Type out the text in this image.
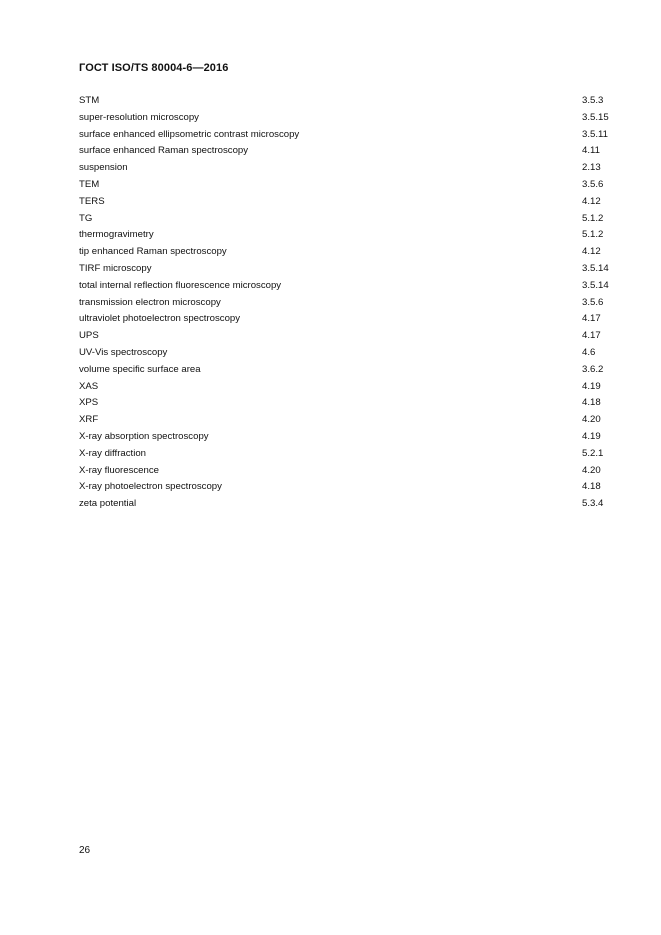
ГОСТ ISO/TS 80004-6—2016
STM	3.5.3
super-resolution microscopy	3.5.15
surface enhanced ellipsometric contrast microscopy	3.5.11
surface enhanced Raman spectroscopy	4.11
suspension	2.13
TEM	3.5.6
TERS	4.12
TG	5.1.2
thermogravimetry	5.1.2
tip enhanced Raman spectroscopy	4.12
TIRF microscopy	3.5.14
total internal reflection fluorescence microscopy	3.5.14
transmission electron microscopy	3.5.6
ultraviolet photoelectron spectroscopy	4.17
UPS	4.17
UV-Vis spectroscopy	4.6
volume specific surface area	3.6.2
XAS	4.19
XPS	4.18
XRF	4.20
X-ray absorption spectroscopy	4.19
X-ray diffraction	5.2.1
X-ray fluorescence	4.20
X-ray photoelectron spectroscopy	4.18
zeta potential	5.3.4
26
